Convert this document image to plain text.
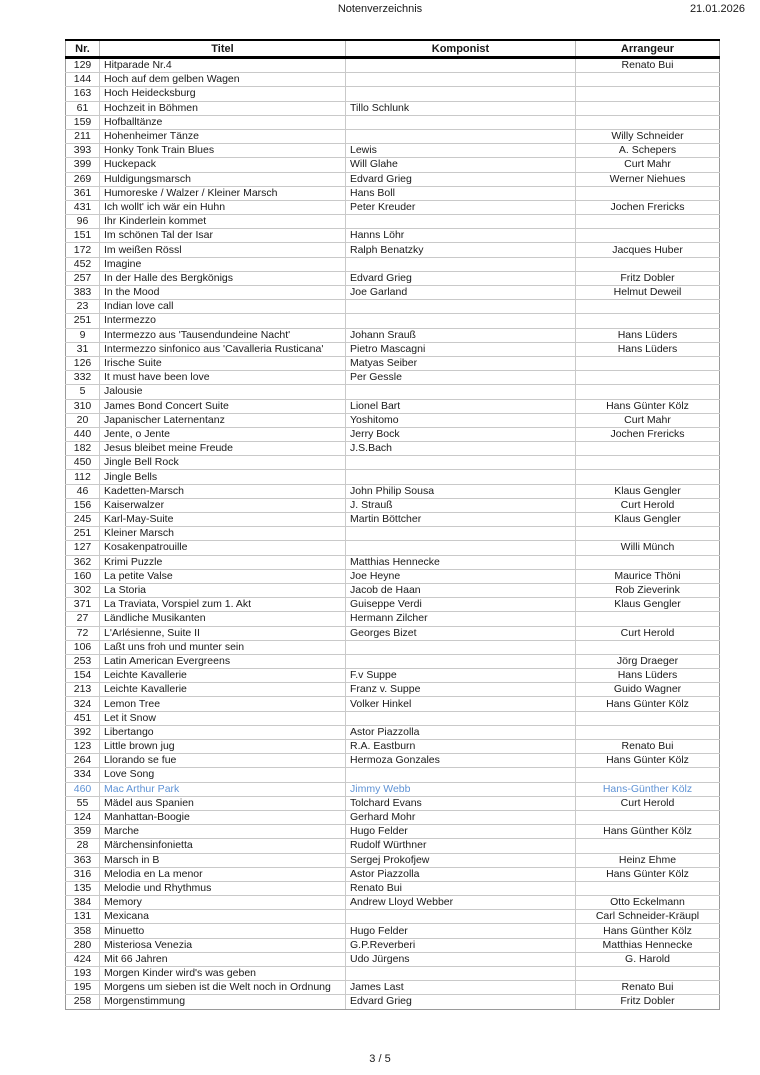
Notenverzeichnis	21.01.2026
Nr.	Titel	Komponist	Arrangeur
129	Hitparade Nr.4		Renato Bui
144	Hoch auf dem gelben Wagen		
163	Hoch Heidecksburg		
61	Hochzeit in Böhmen	Tillo Schlunk	
159	Hofballtänze		
211	Hohenheimer Tänze		Willy Schneider
393	Honky Tonk Train Blues	Lewis	A. Schepers
399	Huckepack	Will Glahe	Curt Mahr
269	Huldigungsmarsch	Edvard Grieg	Werner Niehues
361	Humoreske / Walzer / Kleiner Marsch	Hans Boll	
431	Ich wollt' ich wär ein Huhn	Peter Kreuder	Jochen Frericks
96	Ihr Kinderlein kommet		
151	Im schönen Tal der Isar	Hanns Löhr	
172	Im weißen Rössl	Ralph Benatzky	Jacques Huber
452	Imagine		
257	In der Halle des Bergkönigs	Edvard Grieg	Fritz Dobler
383	In the Mood	Joe Garland	Helmut Deweil
23	Indian love call		
251	Intermezzo		
9	Intermezzo aus 'Tausendundeine Nacht'	Johann Srauß	Hans Lüders
31	Intermezzo sinfonico aus 'Cavalleria Rusticana'	Pietro Mascagni	Hans Lüders
126	Irische Suite	Matyas Seiber	
332	It must have been love	Per Gessle	
5	Jalousie		
310	James Bond Concert Suite	Lionel Bart	Hans Günter Kölz
20	Japanischer Laternentanz	Yoshitomo	Curt Mahr
440	Jente, o Jente	Jerry Bock	Jochen Frericks
182	Jesus bleibet meine Freude	J.S.Bach	
450	Jingle Bell Rock		
112	Jingle Bells		
46	Kadetten-Marsch	John Philip Sousa	Klaus Gengler
156	Kaiserwalzer	J. Strauß	Curt Herold
245	Karl-May-Suite	Martin Böttcher	Klaus Gengler
251	Kleiner Marsch		
127	Kosakenpatrouille		Willi Münch
362	Krimi Puzzle	Matthias Hennecke	
160	La petite Valse	Joe Heyne	Maurice Thöni
302	La Storia	Jacob de Haan	Rob Zieverink
371	La Traviata, Vorspiel zum 1. Akt	Guiseppe Verdi	Klaus Gengler
27	Ländliche Musikanten	Hermann Zilcher	
72	L'Arlésienne, Suite II	Georges Bizet	Curt Herold
106	Laßt uns froh und munter sein		
253	Latin American Evergreens		Jörg Draeger
154	Leichte Kavallerie	F.v Suppe	Hans Lüders
213	Leichte Kavallerie	Franz v. Suppe	Guido Wagner
324	Lemon Tree	Volker Hinkel	Hans Günter Kölz
451	Let it Snow		
392	Libertango	Astor Piazzolla	
123	Little brown jug	R.A. Eastburn	Renato Bui
264	Llorando se fue	Hermoza Gonzales	Hans Günter Kölz
334	Love Song		
460	Mac Arthur Park	Jimmy Webb	Hans-Günther Kölz
55	Mädel aus Spanien	Tolchard Evans	Curt Herold
124	Manhattan-Boogie	Gerhard Mohr	
359	Marche	Hugo Felder	Hans Günther Kölz
28	Märchensinfonietta	Rudolf Würthner	
363	Marsch in B	Sergej Prokofjew	Heinz Ehme
316	Melodia en La menor	Astor Piazzolla	Hans Günter Kölz
135	Melodie und Rhythmus	Renato Bui	
384	Memory	Andrew Lloyd Webber	Otto Eckelmann
131	Mexicana		Carl Schneider-Kräupl
358	Minuetto	Hugo Felder	Hans Günther Kölz
280	Misteriosa Venezia	G.P.Reverberi	Matthias Hennecke
424	Mit 66 Jahren	Udo Jürgens	G. Harold
193	Morgen Kinder wird's was geben		
195	Morgens um sieben ist die Welt noch in Ordnung	James Last	Renato Bui
258	Morgenstimmung	Edvard Grieg	Fritz Dobler
3 / 5
